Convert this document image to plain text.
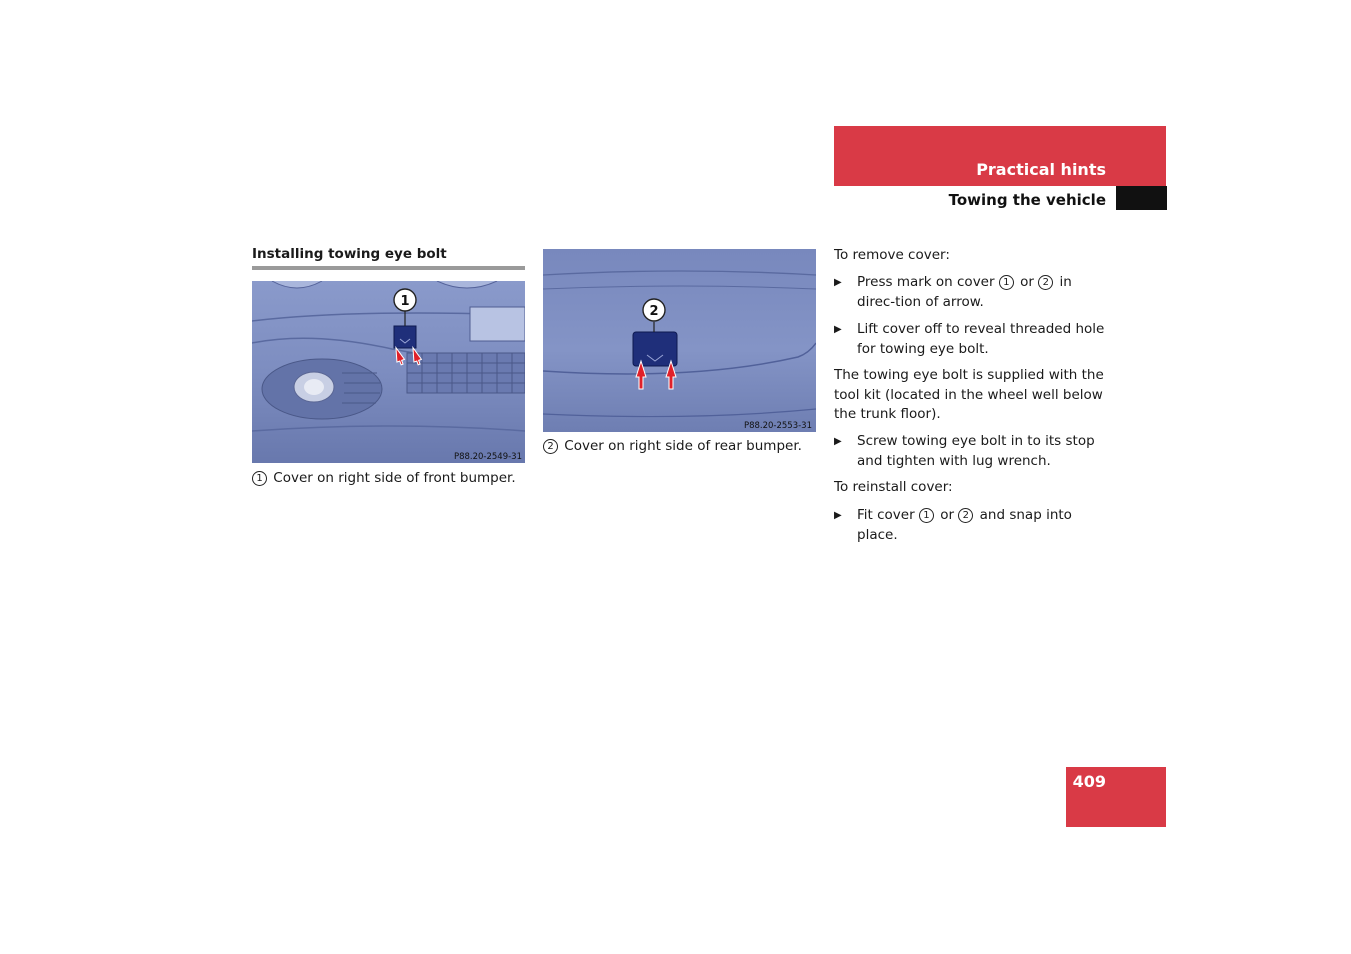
Practical hints
Towing the vehicle
Installing towing eye bolt
1
P88.20-2549-31
1 Cover on right side of front bumper.
2
P88.20-2553-31
2 Cover on right side of rear bumper.
To remove cover:
▶ Press mark on cover 1 or 2 in direc-tion of arrow.
▶ Lift cover off to reveal threaded hole for towing eye bolt.
The towing eye bolt is supplied with the tool kit (located in the wheel well below the trunk floor).
▶ Screw towing eye bolt in to its stop and tighten with lug wrench.
To reinstall cover:
▶ Fit cover 1 or 2 and snap into place.
409
